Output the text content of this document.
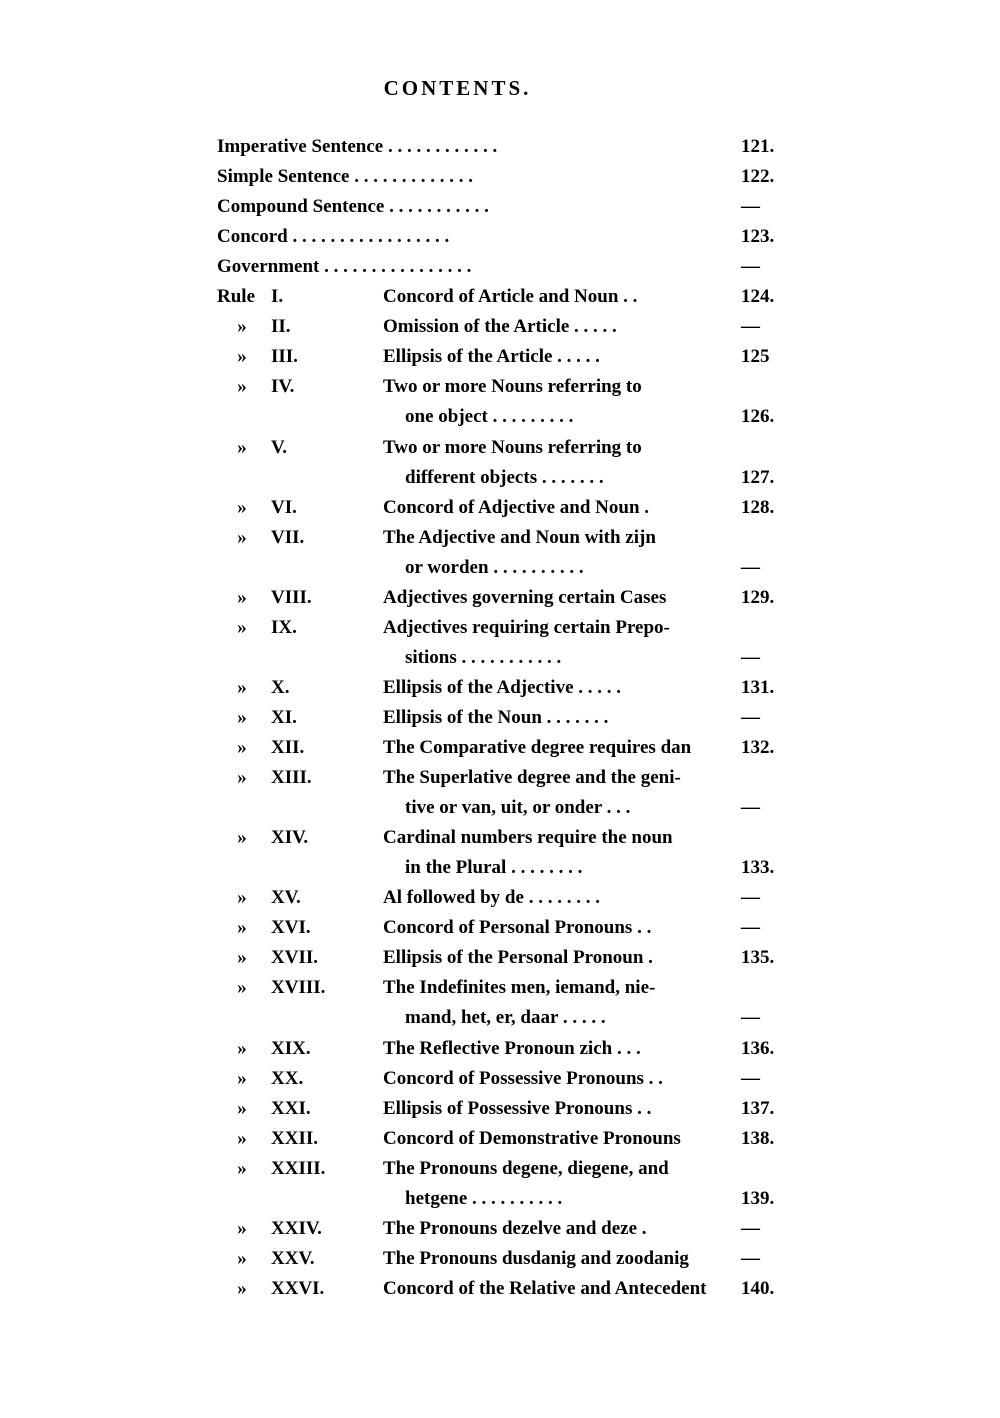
CONTENTS.
Imperative Sentence . . . . . . . . . . . .	121.
Simple Sentence . . . . . . . . . . . . .	122.
Compound Sentence . . . . . . . . . . .	—
Concord . . . . . . . . . . . . . . . . .	123.
Government . . . . . . . . . . . . . . . .	—
Rule I.	Concord of Article and Noun . .	124.
» II.	Omission of the Article . . . . .	—
» III.	Ellipsis of the Article . . . . .	125
» IV.	Two or more Nouns referring to
one object . . . . . . . . .	126.
» V.	Two or more Nouns referring to
different objects . . . . . . .	127.
» VI.	Concord of Adjective and Noun .	128.
» VII.	The Adjective and Noun with zijn
or worden . . . . . . . . . .	—
» VIII.	Adjectives governing certain Cases	129.
» IX.	Adjectives requiring certain Prepo-
sitions . . . . . . . . . . .	—
» X.	Ellipsis of the Adjective . . . . .	131.
» XI.	Ellipsis of the Noun . . . . . . .	—
» XII.	The Comparative degree requires dan	132.
» XIII.	The Superlative degree and the geni-
tive or van, uit, or onder . . .	—
» XIV.	Cardinal numbers require the noun
in the Plural . . . . . . . .	133.
» XV.	Al followed by de . . . . . . . .	—
» XVI.	Concord of Personal Pronouns . .	—
» XVII.	Ellipsis of the Personal Pronoun .	135.
» XVIII.	The Indefinites men, iemand, nie-
mand, het, er, daar . . . . .	—
» XIX.	The Reflective Pronoun zich . . .	136.
» XX.	Concord of Possessive Pronouns . .	—
» XXI.	Ellipsis of Possessive Pronouns . .	137.
» XXII.	Concord of Demonstrative Pronouns	138.
» XXIII.	The Pronouns degene, diegene, and
hetgene . . . . . . . . . .	139.
» XXIV.	The Pronouns dezelve and deze .	—
» XXV.	The Pronouns dusdanig and zoodanig	—
» XXVI.	Concord of the Relative and Antecedent 140.
